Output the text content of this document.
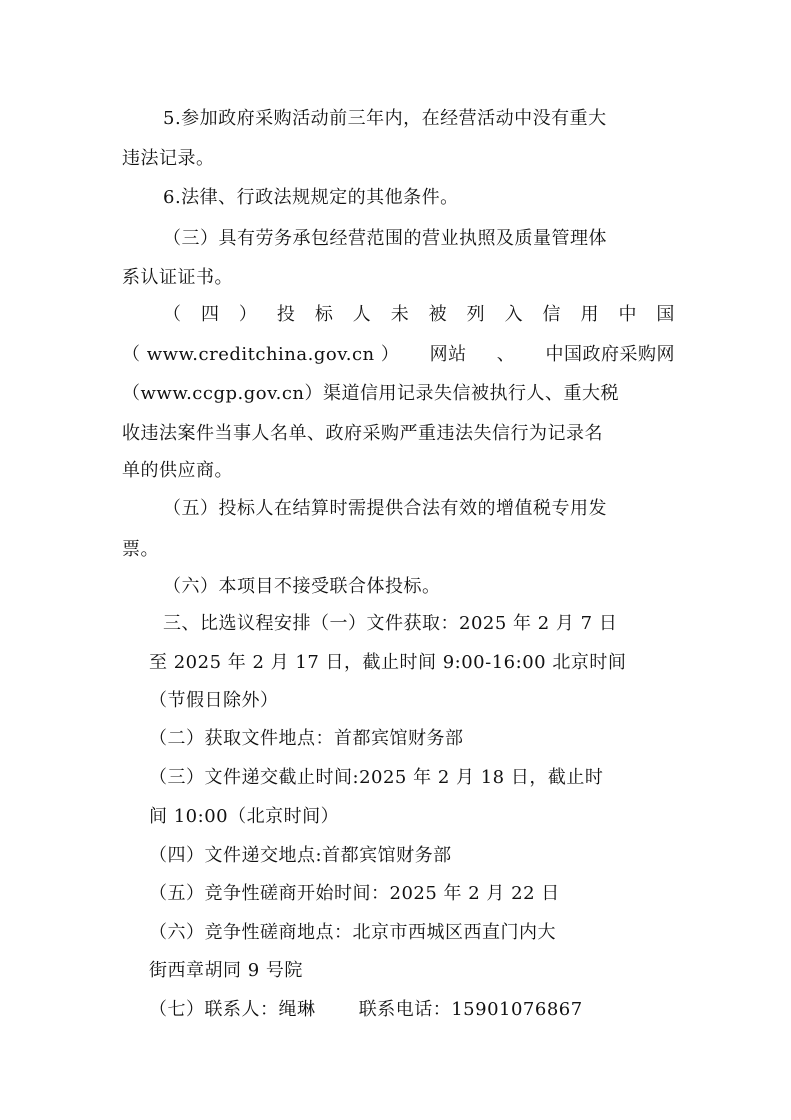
5.参加政府采购活动前三年内，在经营活动中没有重大
违法记录。
6.法律、行政法规规定的其他条件。
（三）具有劳务承包经营范围的营业执照及质量管理体
系认证证书。
（ 四 ） 投 标 人 未 被 列 入 信 用 中 国
（ www.creditchina.gov.cn ） 网站 、 中国政府采购网
（www.ccgp.gov.cn）渠道信用记录失信被执行人、重大税
收违法案件当事人名单、政府采购严重违法失信行为记录名
单的供应商。
（五）投标人在结算时需提供合法有效的增值税专用发
票。
（六）本项目不接受联合体投标。
三、比选议程安排（一）文件获取：2025 年 2 月 7 日
至 2025 年 2 月 17 日，截止时间 9:00-16:00 北京时间
（节假日除外）
（二）获取文件地点：首都宾馆财务部
（三）文件递交截止时间:2025 年 2 月 18 日，截止时
间 10:00（北京时间）
（四）文件递交地点:首都宾馆财务部
（五）竞争性磋商开始时间：2025 年 2 月 22 日
（六）竞争性磋商地点：北京市西城区西直门内大
街西章胡同 9 号院
（七）联系人：绳琳　　 联系电话：15901076867
